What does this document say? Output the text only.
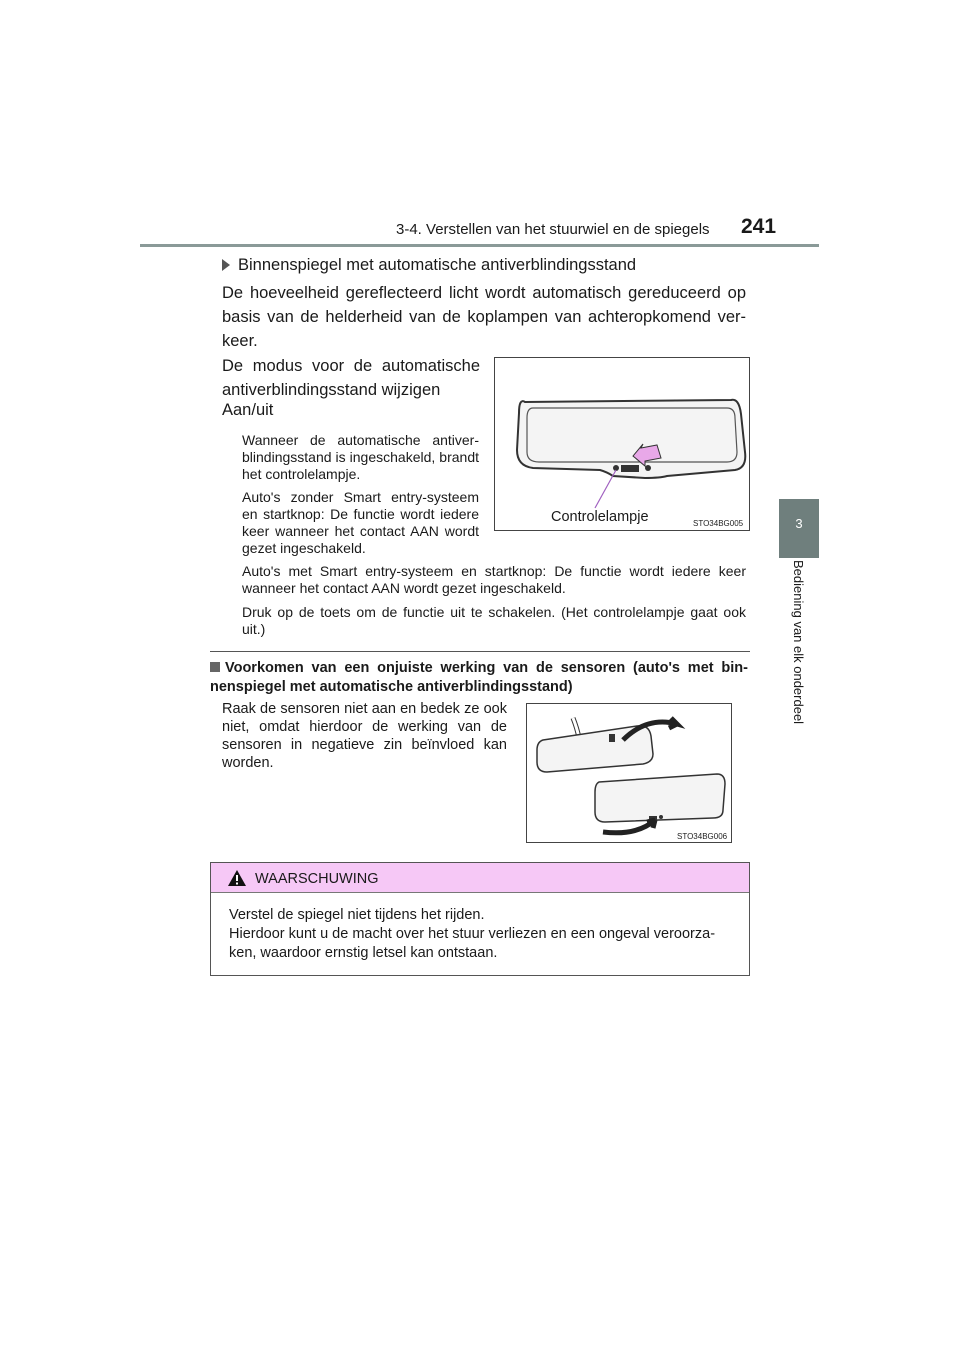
3-4. Verstellen van het stuurwiel en de spiegels 241
3
Bediening van elk onderdeel
Binnenspiegel met automatische antiverblindingsstand
De hoeveelheid gereflecteerd licht wordt automatisch gereduceerd op basis van de helderheid van de koplampen van achteropkomend ver-keer.
De modus voor de automatische antiverblindingsstand wijzigen
Aan/uit
Wanneer de automatische antiver-blindingsstand is ingeschakeld, brandt het controlelampje.
Auto's zonder Smart entry-systeem en startknop: De functie wordt iedere keer wanneer het contact AAN wordt gezet ingeschakeld.
Auto's met Smart entry-systeem en startknop: De functie wordt iedere keer wanneer het contact AAN wordt gezet ingeschakeld.
Druk op de toets om de functie uit te schakelen. (Het controlelampje gaat ook uit.)
Controlelampje	STO34BG005
Voorkomen van een onjuiste werking van de sensoren (auto's met bin-nenspiegel met automatische antiverblindingsstand)
Raak de sensoren niet aan en bedek ze ook niet, omdat hierdoor de werking van de sensoren in negatieve zin beïnvloed kan worden.
STO34BG006
WAARSCHUWING
Verstel de spiegel niet tijdens het rijden.
Hierdoor kunt u de macht over het stuur verliezen en een ongeval veroorza-
ken, waardoor ernstig letsel kan ontstaan.
